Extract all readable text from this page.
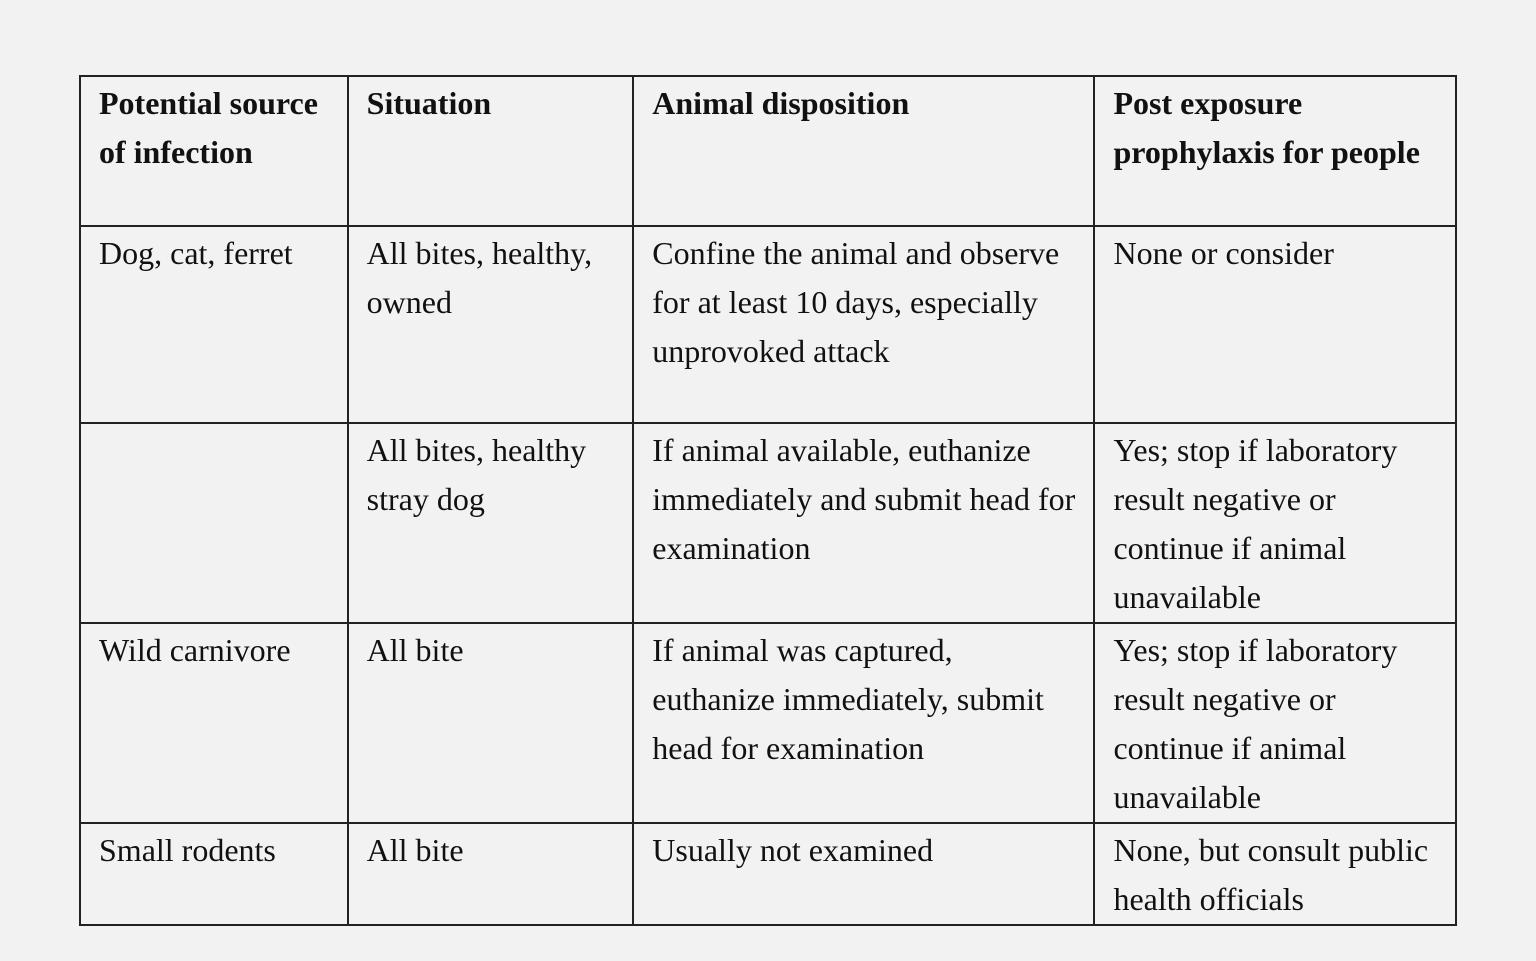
Potential source of infection	Situation	Animal disposition	Post exposure prophylaxis for people
Dog, cat, ferret	All bites, healthy, owned	Confine the animal and observe for at least 10 days, especially unprovoked attack	None or consider
	All bites, healthy stray dog	If animal available, euthanize immediately and submit head for examination	Yes; stop if laboratory result negative or continue if animal unavailable
Wild carnivore	All bite	If animal was captured, euthanize immediately, submit head for examination	Yes; stop if laboratory result negative or continue if animal unavailable
Small rodents	All bite	Usually not examined	None, but consult public health officials
